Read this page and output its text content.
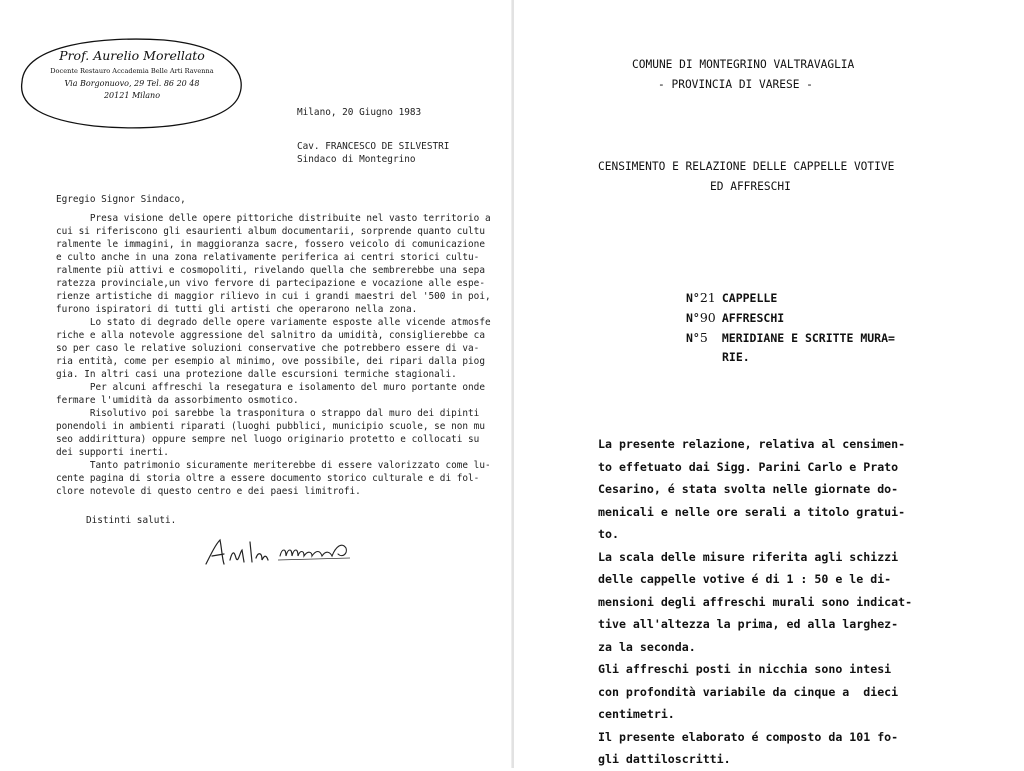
Prof. Aurelio Morellato
Docente Restauro Accademia Belle Arti Ravenna
Via Borgonuovo, 29 Tel. 86 20 48
20121 Milano
Milano, 20 Giugno 1983
Cav. FRANCESCO DE SILVESTRI
Sindaco di Montegrino
Egregio Signor Sindaco,
Presa visione delle opere pittoriche distribuite nel vasto territorio a
cui si riferiscono gli esaurienti album documentarii, sorprende quanto cultu
ralmente le immagini, in maggioranza sacre, fossero veicolo di comunicazione
e culto anche in una zona relativamente periferica ai centri storici cultu-
ralmente più attivi e cosmopoliti, rivelando quella che sembrerebbe una sepa
ratezza provinciale,un vivo fervore di partecipazione e vocazione alle espe-
rienze artistiche di maggior rilievo in cui i grandi maestri del '500 in poi,
furono ispiratori di tutti gli artisti che operarono nella zona.
Lo stato di degrado delle opere variamente esposte alle vicende atmosfe
riche e alla notevole aggressione del salnitro da umidità, consiglierebbe ca
so per caso le relative soluzioni conservative che potrebbero essere di va-
ria entità, come per esempio al minimo, ove possibile, dei ripari dalla piog
gia. In altri casi una protezione dalle escursioni termiche stagionali.
Per alcuni affreschi la resegatura e isolamento del muro portante onde
fermare l'umidità da assorbimento osmotico.
Risolutivo poi sarebbe la trasponitura o strappo dal muro dei dipinti
ponendoli in ambienti riparati (luoghi pubblici, municipio scuole, se non mu
seo addirittura) oppure sempre nel luogo originario protetto e collocati su
dei supporti inerti.
Tanto patrimonio sicuramente meriterebbe di essere valorizzato come lu-
cente pagina di storia oltre a essere documento storico culturale e di fol-
clore notevole di questo centro e dei paesi limitrofi.
Distinti saluti.
COMUNE DI MONTEGRINO VALTRAVAGLIA
- PROVINCIA DI VARESE -
CENSIMENTO E RELAZIONE DELLE CAPPELLE VOTIVE
ED AFFRESCHI
N°21 CAPPELLE
N°90 AFFRESCHI
N°5 MERIDIANE E SCRITTE MURA=
RIE.
La presente relazione, relativa al censimen-
to effetuato dai Sigg. Parini Carlo e Prato
Cesarino, é stata svolta nelle giornate do-
menicali e nelle ore serali a titolo gratui-
to.
La scala delle misure riferita agli schizzi
delle cappelle votive é di 1 : 50 e le di-
mensioni degli affreschi murali sono indicat-
tive all'altezza la prima, ed alla larghez-
za la seconda.
Gli affreschi posti in nicchia sono intesi
con profondità variabile da cinque a  dieci
centimetri.
Il presente elaborato é composto da 101 fo-
gli dattiloscritti.
